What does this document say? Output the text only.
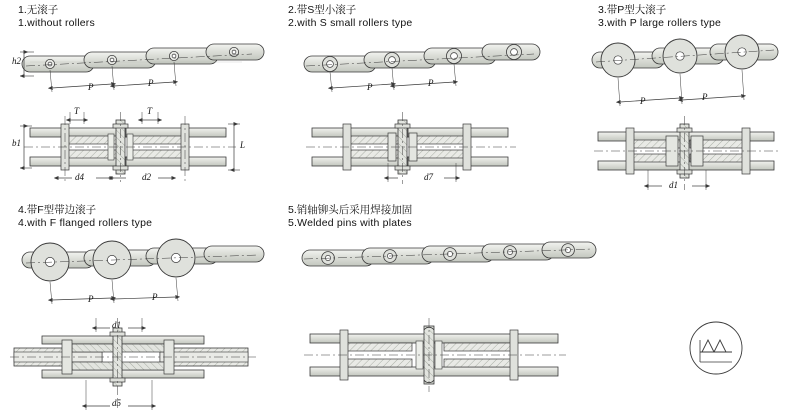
1.无滚子
1.without rollers
2.带S型小滚子
2.with S small rollers type
3.带P型大滚子
3.with P large rollers type
4.带F型带边滚子
4.with F flanged rollers type
5.销轴铆头后采用焊接加固
5.Welded pins with plates
h2
P	P
b1
T	T
L
d4	d2
P	P
d7
P	P
d1
P	P
d1
d5
